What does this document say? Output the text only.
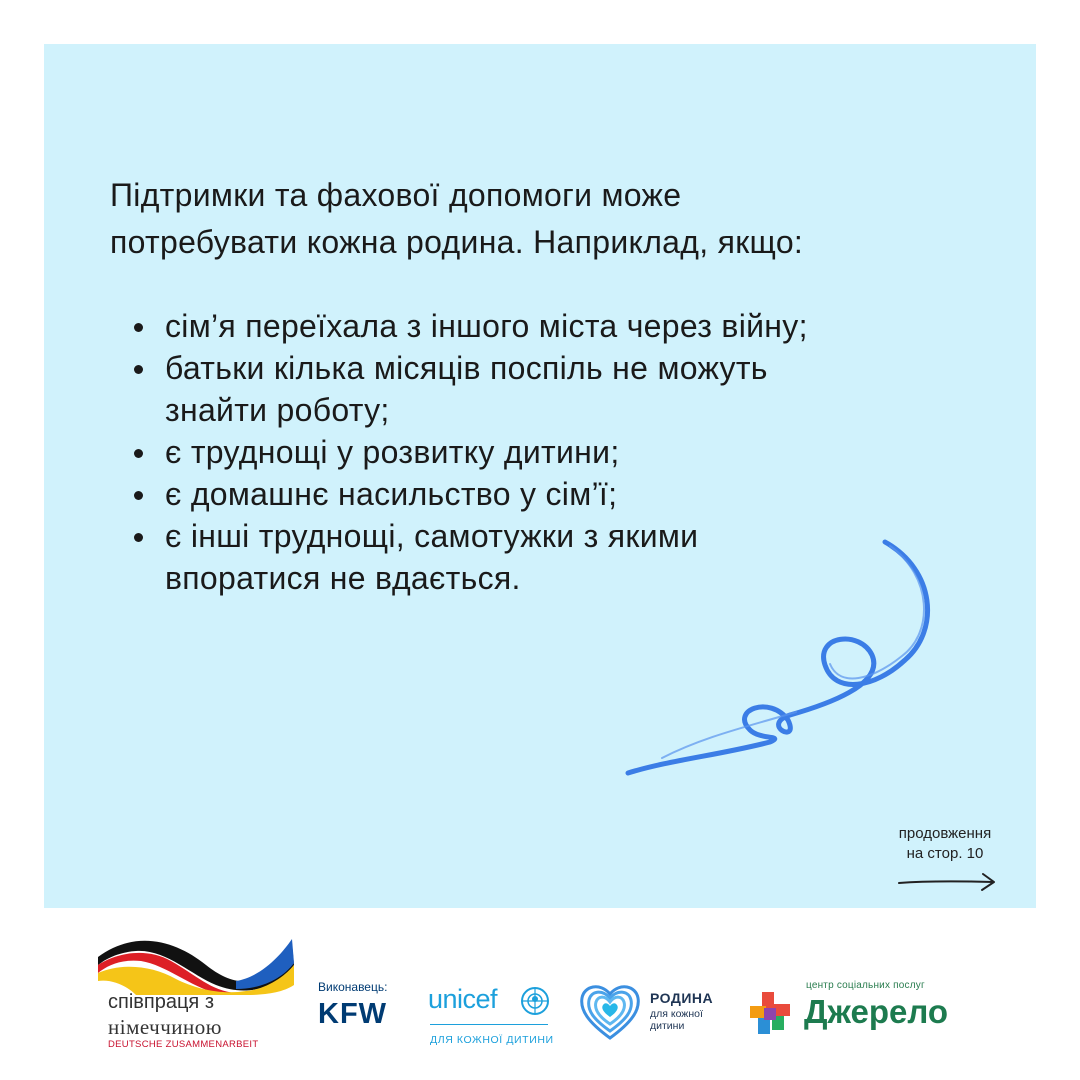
Підтримки та фахової допомоги може
потребувати кожна родина. Наприклад, якщо:

сім’я переїхала з іншого міста через війну;
батьки кілька місяців поспіль не можуть
знайти роботу;
є труднощі у розвитку дитини;
є домашнє насильство у сім’ї;
є інші труднощі, самотужки з якими
впоратися не вдається.
продовження
на стор. 10
співпраця з
німеччиною
DEUTSCHE ZUSAMMENARBEIT
Виконавець:
KFW	unicef
ДЛЯ КОЖНОЇ ДИТИНИ
РОДИНА
для кожної
дитини
центр соціальних послуг
Джерело
